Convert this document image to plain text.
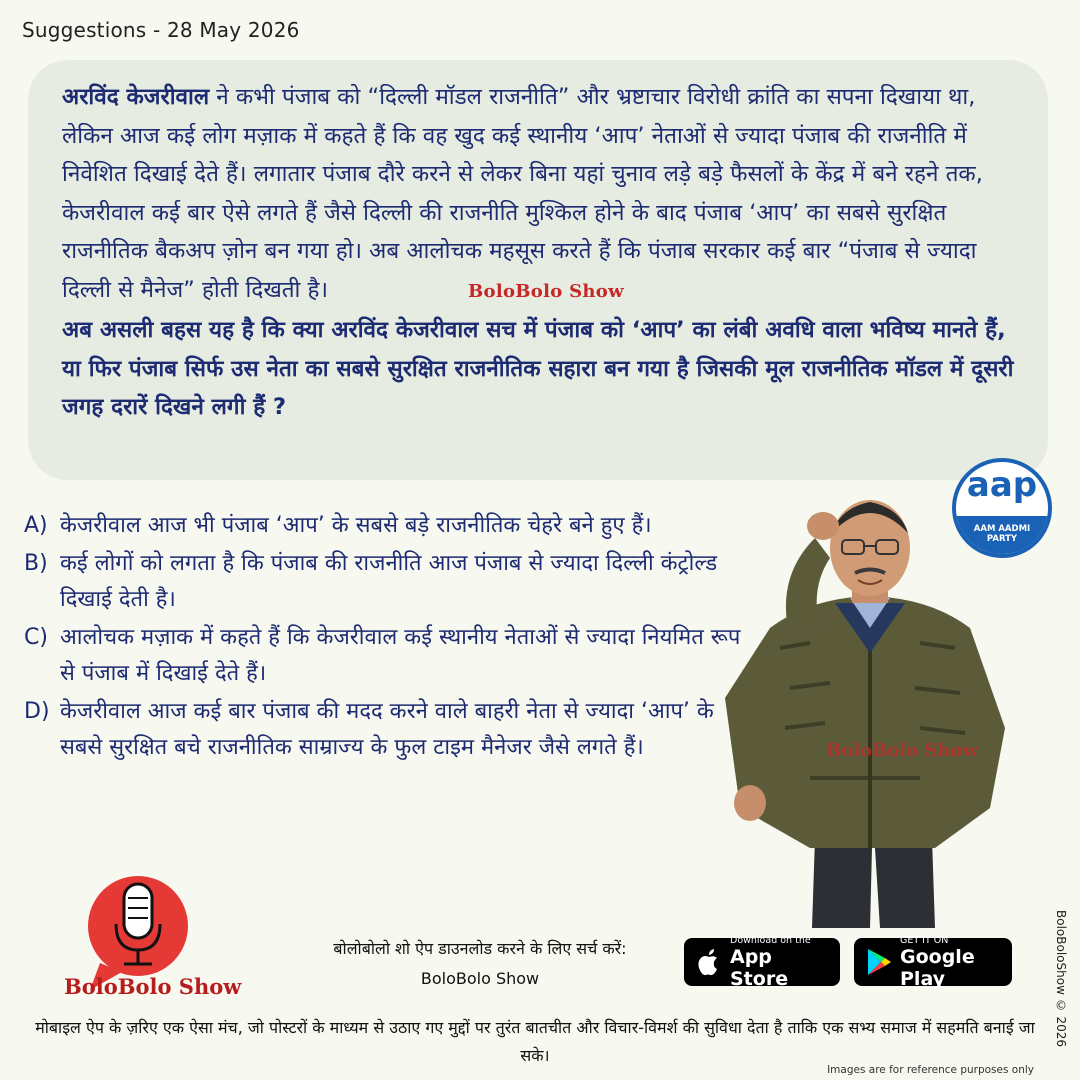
Suggestions - 28 May 2026

अरविंद केजरीवाल ने कभी पंजाब को “दिल्ली मॉडल राजनीति” और भ्रष्टाचार विरोधी क्रांति का सपना दिखाया था, लेकिन आज कई लोग मज़ाक में कहते हैं कि वह खुद कई स्थानीय ‘आप’ नेताओं से ज्यादा पंजाब की राजनीति में निवेशित दिखाई देते हैं। लगातार पंजाब दौरे करने से लेकर बिना यहां चुनाव लड़े बड़े फैसलों के केंद्र में बने रहने तक, केजरीवाल कई बार ऐसे लगते हैं जैसे दिल्ली की राजनीति मुश्किल होने के बाद पंजाब ‘आप’ का सबसे सुरक्षित राजनीतिक बैकअप ज़ोन बन गया हो। अब आलोचक महसूस करते हैं कि पंजाब सरकार कई बार “पंजाब से ज्यादा दिल्ली से मैनेज” होती दिखती है।	BoloBolo Show

अब असली बहस यह है कि क्या अरविंद केजरीवाल सच में पंजाब को ‘आप’ का लंबी अवधि वाला भविष्य मानते हैं, या फिर पंजाब सिर्फ उस नेता का सबसे सुरक्षित राजनीतिक सहारा बन गया है जिसकी मूल राजनीतिक मॉडल में दूसरी जगह दरारें दिखने लगी हैं ?

A) केजरीवाल आज भी पंजाब ‘आप’ के सबसे बड़े राजनीतिक चेहरे बने हुए हैं।
B) कई लोगों को लगता है कि पंजाब की राजनीति आज पंजाब से ज्यादा दिल्ली कंट्रोल्ड दिखाई देती है।
C) आलोचक मज़ाक में कहते हैं कि केजरीवाल कई स्थानीय नेताओं से ज्यादा नियमित रूप से पंजाब में दिखाई देते हैं।
D) केजरीवाल आज कई बार पंजाब की मदद करने वाले बाहरी नेता से ज्यादा ‘आप’ के सबसे सुरक्षित बचे राजनीतिक साम्राज्य के फुल टाइम मैनेजर जैसे लगते हैं।	BoloBolo Show
aap
AAM AADMI
PARTY
BoloBolo Show
बोलोबोलो शो ऐप डाउनलोड करने के लिए सर्च करें:
BoloBolo Show
Download on the
App Store
GET IT ON
Google Play
मोबाइल ऐप के ज़रिए एक ऐसा मंच, जो पोस्टरों के माध्यम से उठाए गए मुद्दों पर तुरंत बातचीत और विचार-विमर्श की सुविधा देता है ताकि एक सभ्य समाज में सहमति बनाई जा सके।
Images are for reference purposes only
BoloBoloShow © 2026
